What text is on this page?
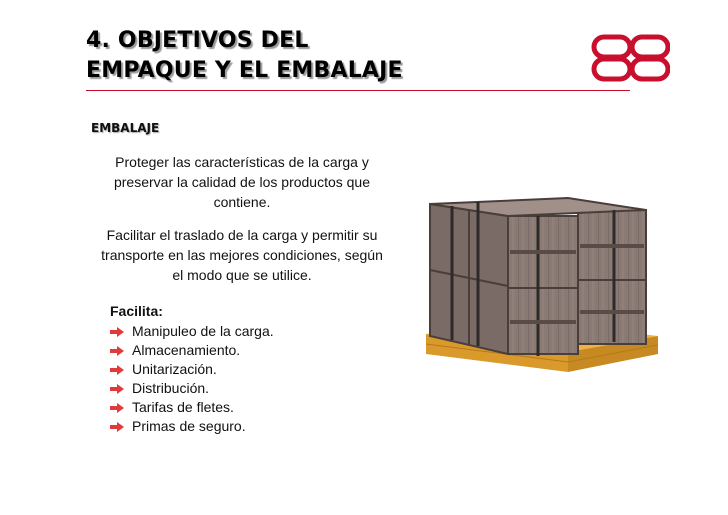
4. OBJETIVOS DEL
EMPAQUE Y EL EMBALAJE
EMBALAJE
Proteger las características de la carga y preservar la calidad de los productos que contiene.
Facilitar el traslado de la carga y permitir su transporte en las mejores condiciones, según el modo que se utilice.
Facilita:
Manipuleo de la carga.
Almacenamiento.
Unitarización.
Distribución.
Tarifas de fletes.
Primas de seguro.
